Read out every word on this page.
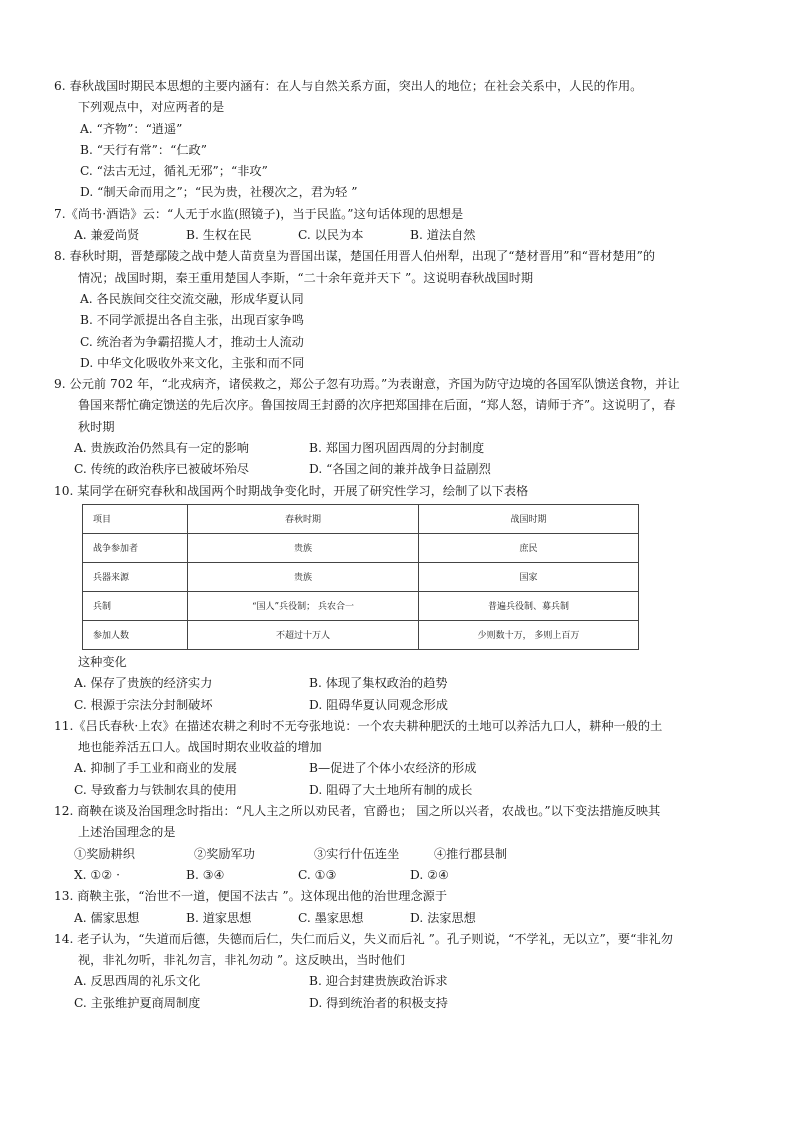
6. 春秋战国时期民本思想的主要内涵有：在人与自然关系方面，突出人的地位；在社会关系中，人民的作用。
下列观点中，对应两者的是
A. “齐物”：“逍遥”
B. “天行有常”：“仁政”
C. “法古无过，循礼无邪”；“非攻”
D. “制天命而用之”；“民为贵，社稷次之，君为轻 ”
7.《尚书·酒诰》云：“人无于水监(照镜子)，当于民监。”这句话体现的思想是
A. 兼爱尚贤	B. 生权在民	C. 以民为本	B. 道法自然
8. 春秋时期，晋楚鄢陵之战中楚人苗贲皇为晋国出谋，楚国任用晋人伯州犁，出现了“楚材晋用”和“晋材楚用”的
情况；战国时期，秦王重用楚国人李斯，“二十余年竟并天下 ”。这说明春秋战国时期
A. 各民族间交往交流交融，形成华夏认同
B. 不同学派提出各自主张，出现百家争鸣
C. 统治者为争霸招揽人才，推动士人流动
D. 中华文化吸收外来文化，主张和而不同
9. 公元前 702 年，“北戎病齐，诸侯救之，郑公子忽有功焉。”为表谢意，齐国为防守边境的各国军队馈送食物，并让
鲁国来帮忙确定馈送的先后次序。鲁国按周王封爵的次序把郑国排在后面，“郑人怒，请师于齐”。这说明了，春
秋时期
A. 贵族政治仍然具有一定的影响	B. 郑国力图巩固西周的分封制度
C. 传统的政治秩序已被破坏殆尽	D. “各国之间的兼并战争日益剧烈
10. 某同学在研究春秋和战国两个时期战争变化时，开展了研究性学习，绘制了以下表格
项目	春秋时期	战国时期
战争参加者	贵族	庶民
兵器来源	贵族	国家
兵制	“国人”兵役制； 兵农合一	普遍兵役制、募兵制
参加人数	不超过十万人	少则数十万， 多则上百万
这种变化
A. 保存了贵族的经济实力	B. 体现了集权政治的趋势
C. 根源于宗法分封制破坏	D. 阻碍华夏认同观念形成
11.《吕氏春秋·上农》在描述农耕之利时不无夸张地说：一个农夫耕种肥沃的土地可以养活九口人，耕种一般的土
地也能养活五口人。战国时期农业收益的增加
A. 抑制了手工业和商业的发展	B—促进了个体小农经济的形成
C. 导致畜力与铁制农具的使用	D. 阻碍了大土地所有制的成长
12. 商鞅在谈及治国理念时指出：“凡人主之所以劝民者，官爵也； 国之所以兴者，农战也。”以下变法措施反映其
上述治国理念的是
①奖励耕织	②奖励军功	③实行什伍连坐	④推行郡县制
X. ①② ·	B. ③④	C. ①③	D. ②④
13. 商鞅主张，“治世不一道，便国不法古 ”。这体现出他的治世理念源于
A. 儒家思想	B. 道家思想	C. 墨家思想	D. 法家思想
14. 老子认为，“失道而后德，失德而后仁，失仁而后义，失义而后礼 ”。孔子则说，“不学礼，无以立”，要“非礼勿
视，非礼勿听，非礼勿言，非礼勿动 ”。这反映出，当时他们
A. 反思西周的礼乐文化	B. 迎合封建贵族政治诉求
C. 主张维护夏商周制度	D. 得到统治者的积极支持
